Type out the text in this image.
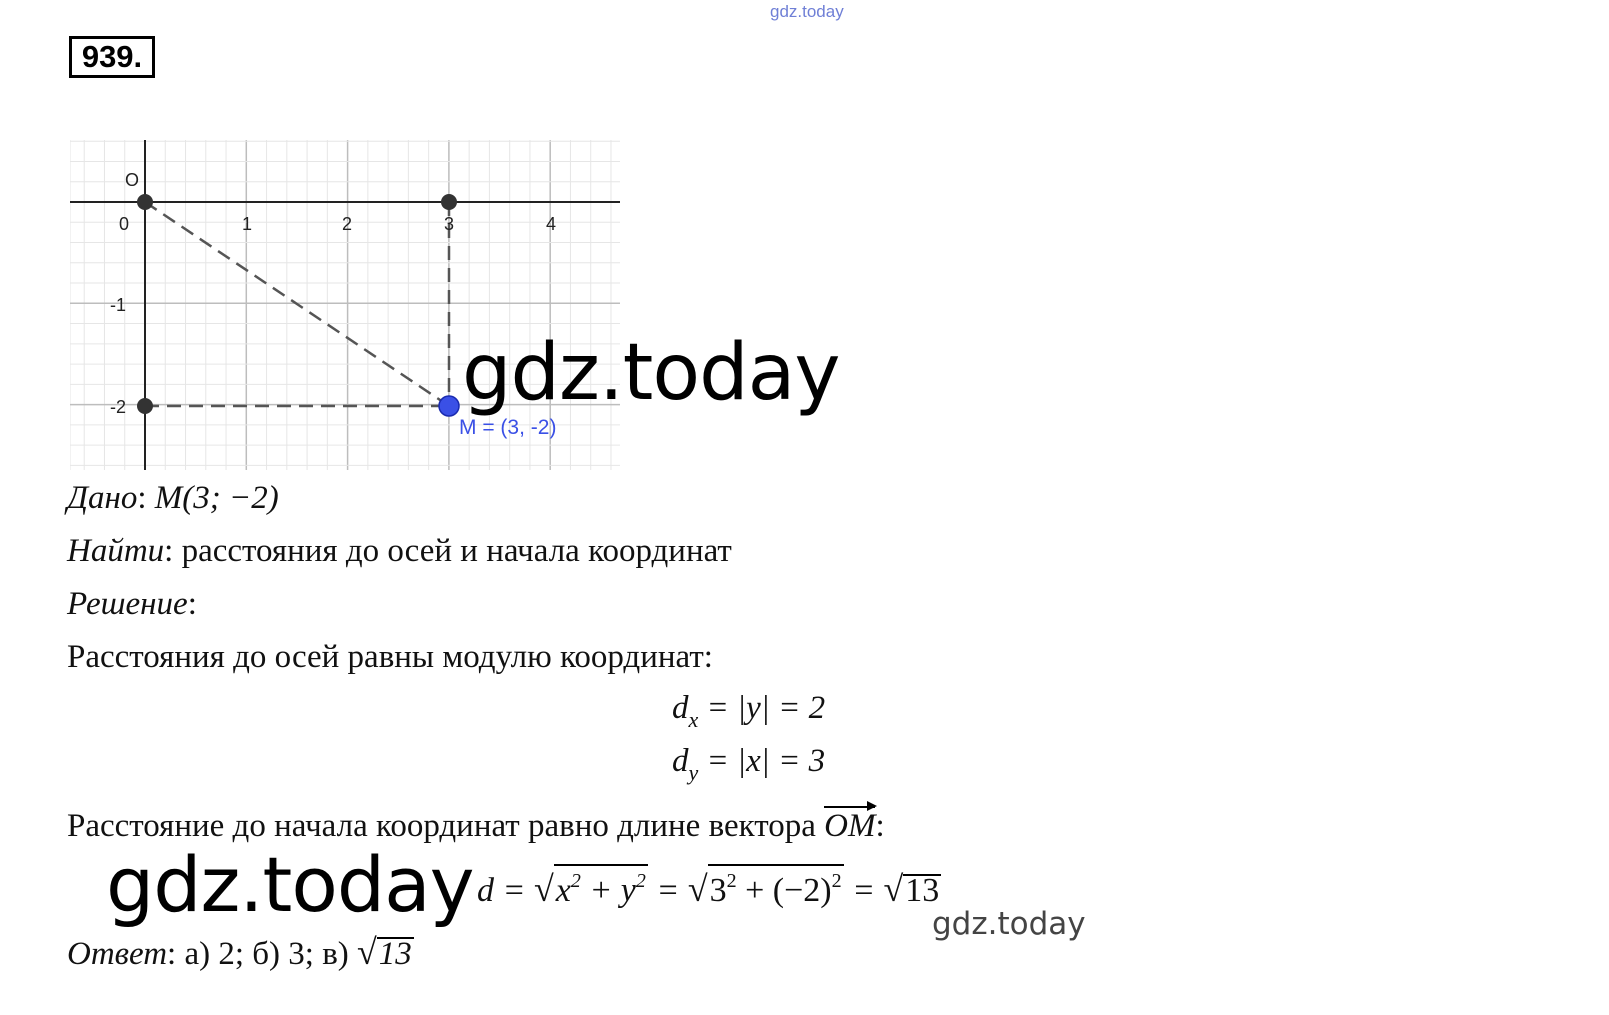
gdz.today
939.
O
0	1	2	3	4
-1
-2
M = (3, -2)
gdz.today
Дано: M(3; −2)
Найти: расстояния до осей и начала координат
Решение:
Расстояния до осей равны модулю координат:
$d_x = |y| = 2$
$d_y = |x| = 3$
Расстояние до начала координат равно длине вектора OM:
gdz.today $d = √x^2 + y^2 = √3^2 + (-2)^2 = √13$
gdz.today
Ответ: а) 2; б) 3; в) √13
